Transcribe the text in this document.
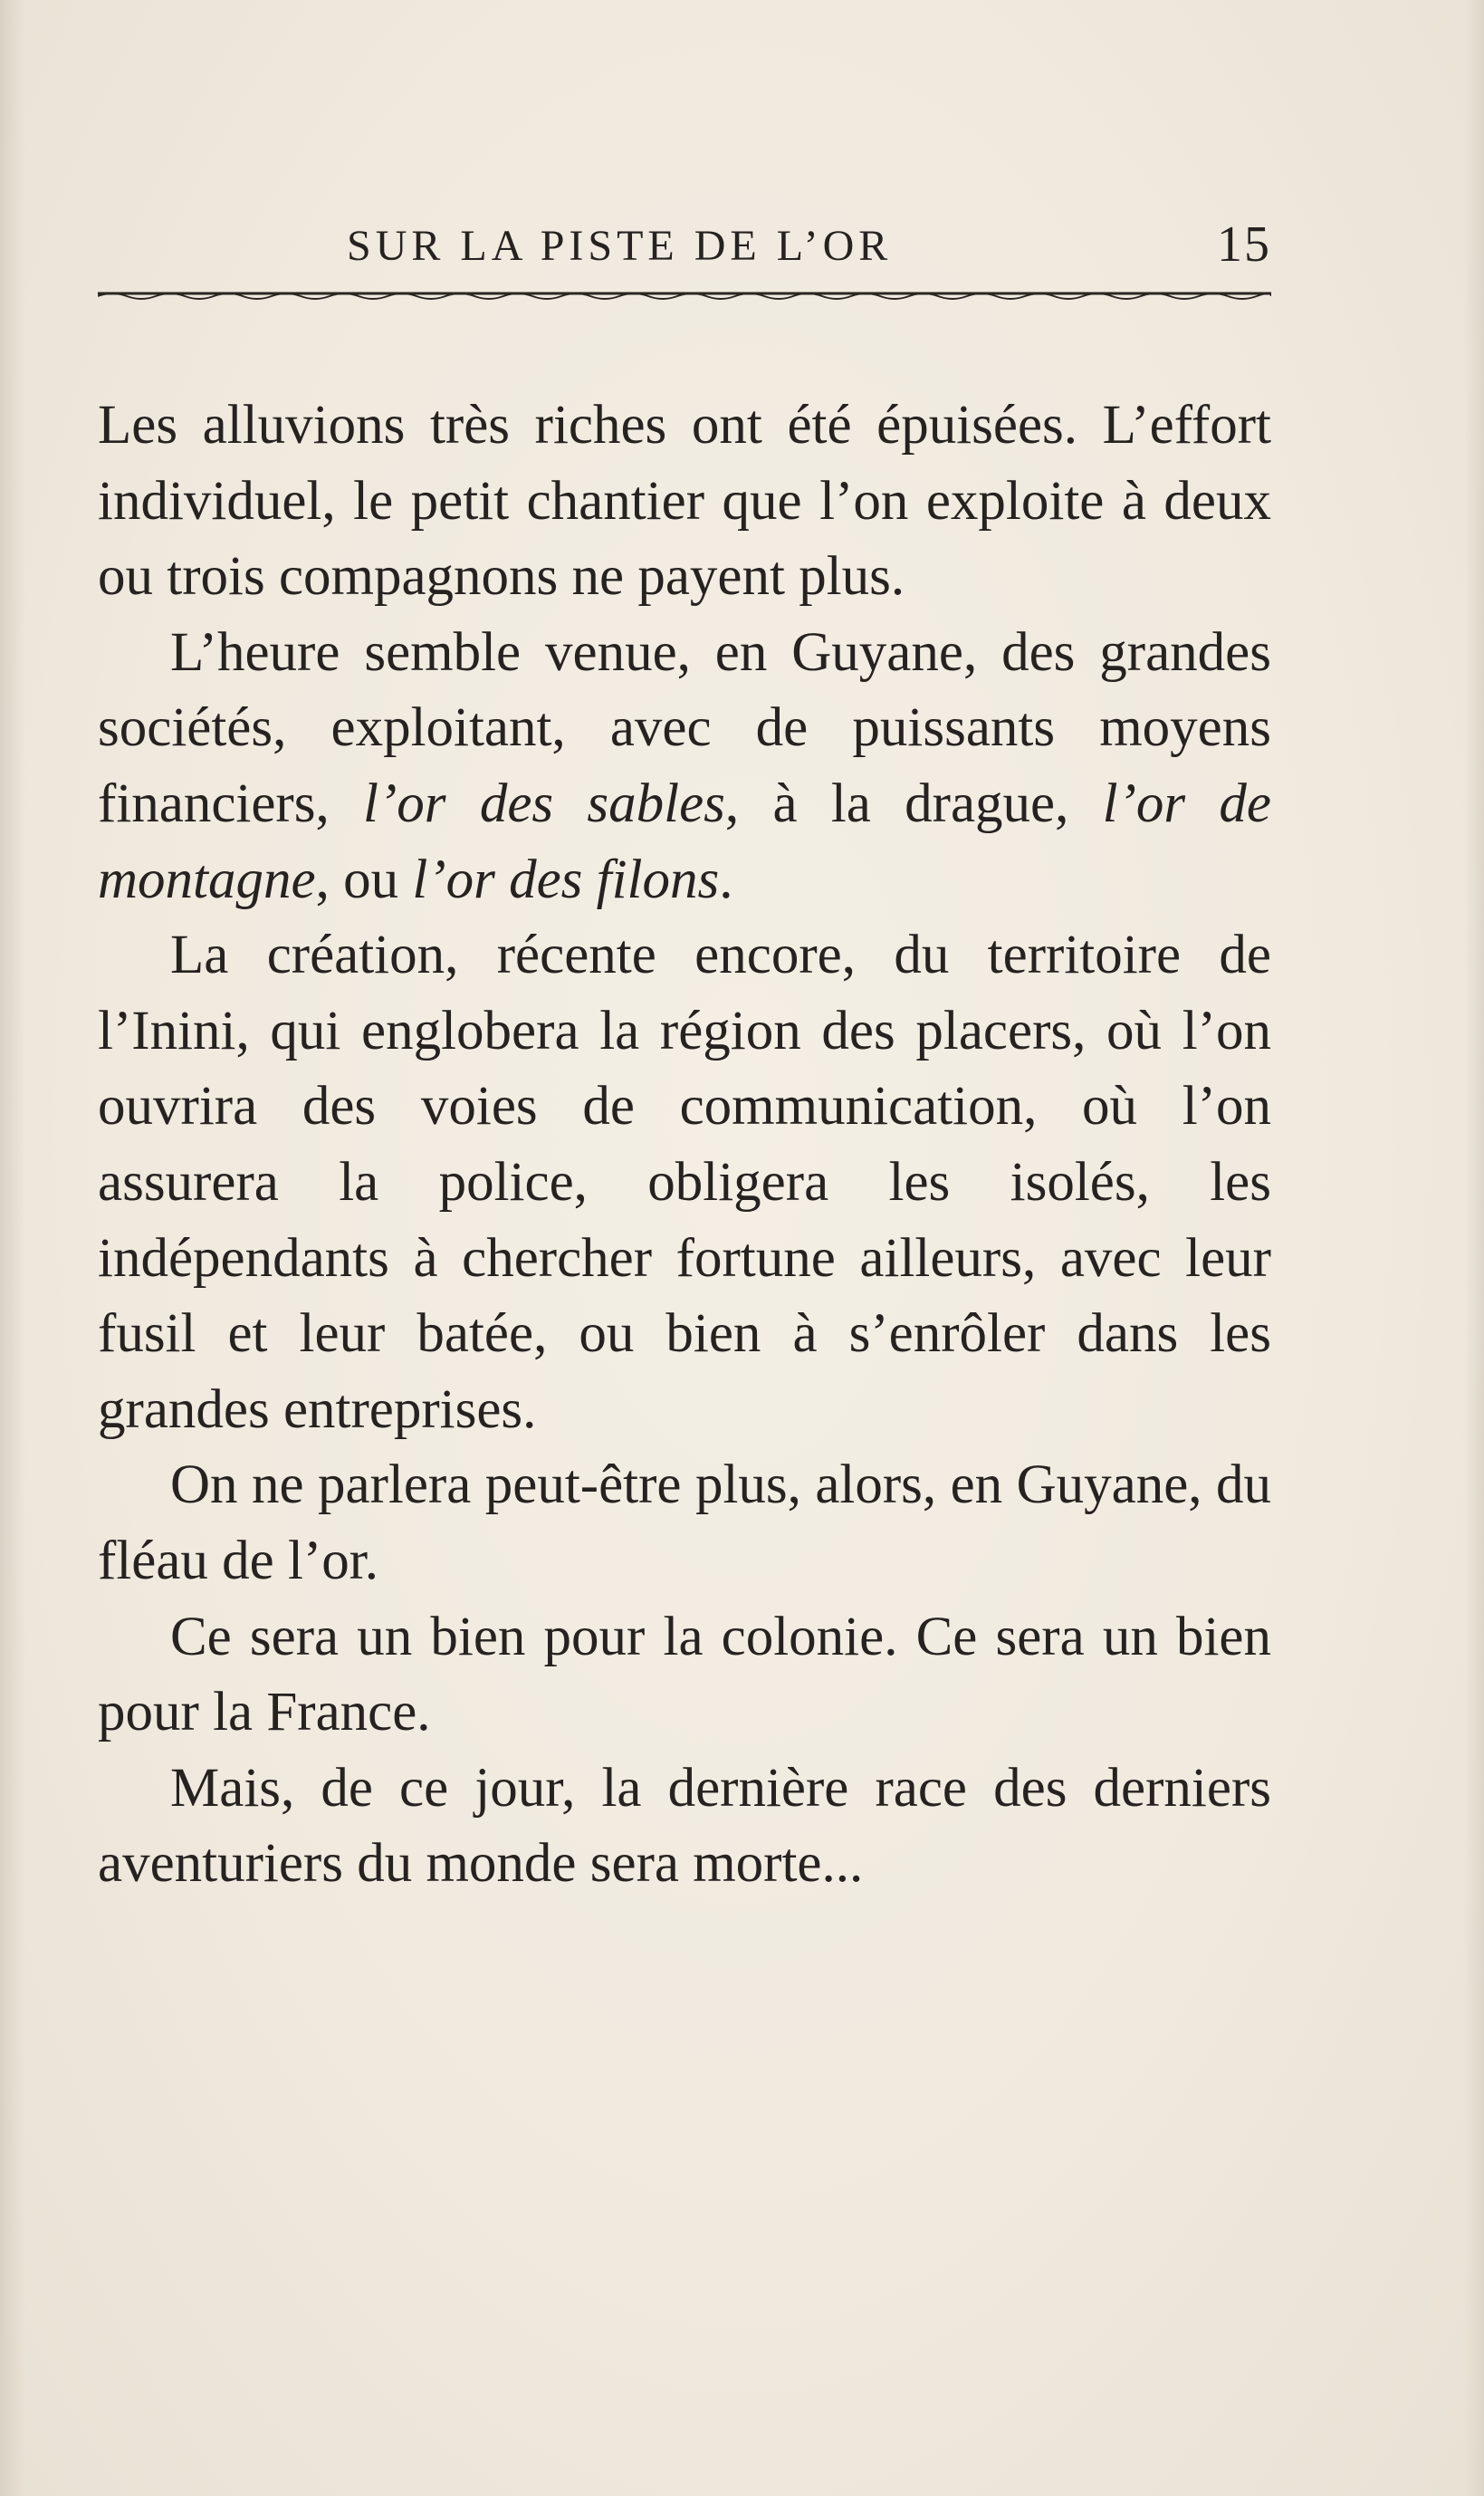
SUR LA PISTE DE L’OR	15

Les alluvions très riches ont été épuisées. L’effort individuel, le petit chantier que l’on exploite à deux ou trois compagnons ne payent plus.

L’heure semble venue, en Guyane, des grandes sociétés, exploitant, avec de puissants moyens financiers, l’or des sables, à la drague, l’or de montagne, ou l’or des filons.

La création, récente encore, du territoire de l’Inini, qui englobera la région des placers, où l’on ouvrira des voies de communication, où l’on assurera la police, obligera les isolés, les indépendants à chercher fortune ailleurs, avec leur fusil et leur batée, ou bien à s’enrôler dans les grandes entreprises.

On ne parlera peut-être plus, alors, en Guyane, du fléau de l’or.

Ce sera un bien pour la colonie. Ce sera un bien pour la France.

Mais, de ce jour, la dernière race des derniers aventuriers du monde sera morte...
